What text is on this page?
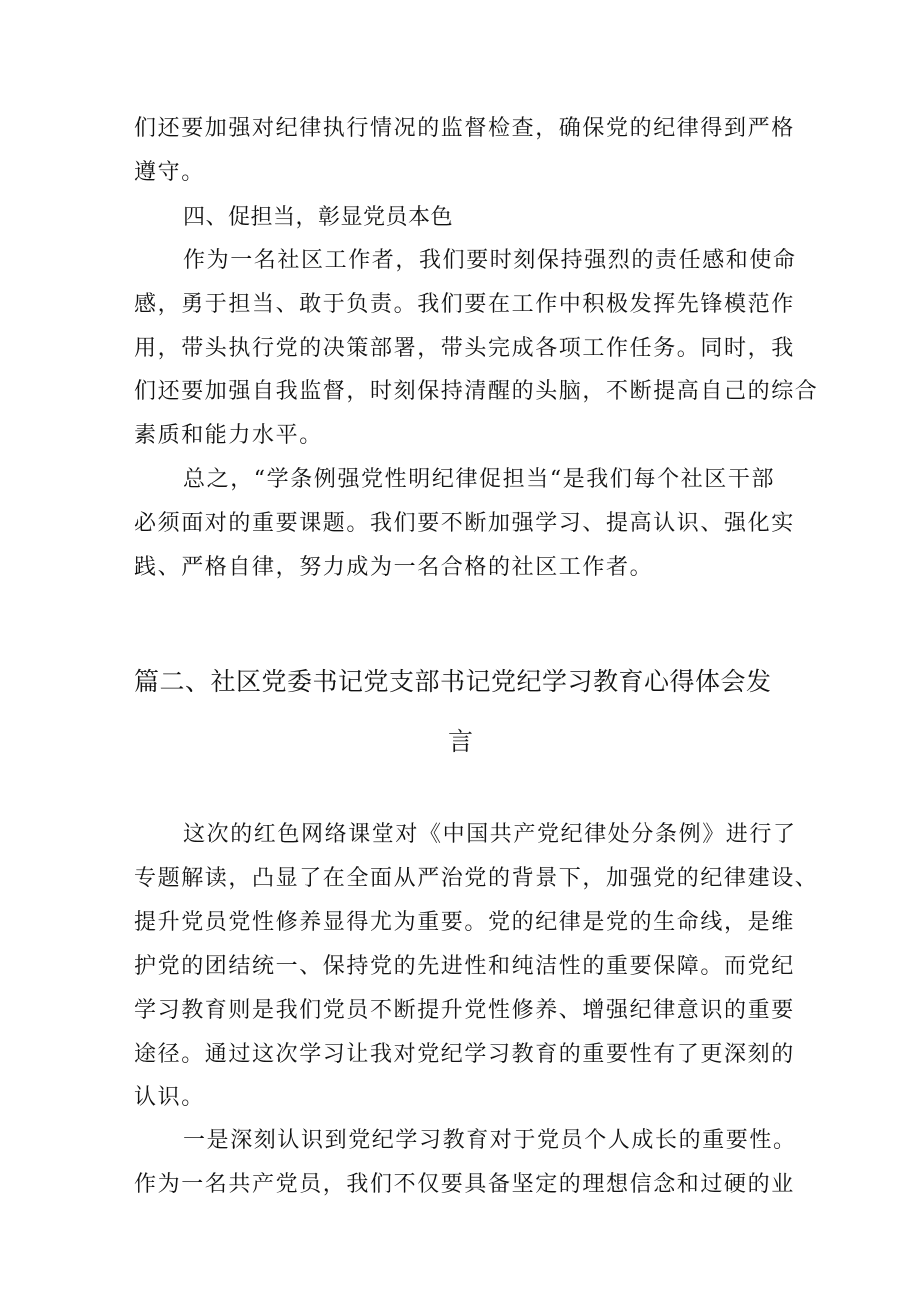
们还要加强对纪律执行情况的监督检查，确保党的纪律得到严格
遵守。
四、促担当，彰显党员本色
作为一名社区工作者，我们要时刻保持强烈的责任感和使命
感，勇于担当、敢于负责。我们要在工作中积极发挥先锋模范作
用，带头执行党的决策部署，带头完成各项工作任务。同时，我
们还要加强自我监督，时刻保持清醒的头脑，不断提高自己的综合
素质和能力水平。
总之，“学条例强党性明纪律促担当“是我们每个社区干部
必须面对的重要课题。我们要不断加强学习、提高认识、强化实
践、严格自律，努力成为一名合格的社区工作者。
篇二、社区党委书记党支部书记党纪学习教育心得体会发
言
这次的红色网络课堂对《中国共产党纪律处分条例》进行了
专题解读，凸显了在全面从严治党的背景下，加强党的纪律建设、
提升党员党性修养显得尤为重要。党的纪律是党的生命线，是维
护党的团结统一、保持党的先进性和纯洁性的重要保障。而党纪
学习教育则是我们党员不断提升党性修养、增强纪律意识的重要
途径。通过这次学习让我对党纪学习教育的重要性有了更深刻的
认识。
一是深刻认识到党纪学习教育对于党员个人成长的重要性。
作为一名共产党员，我们不仅要具备坚定的理想信念和过硬的业
